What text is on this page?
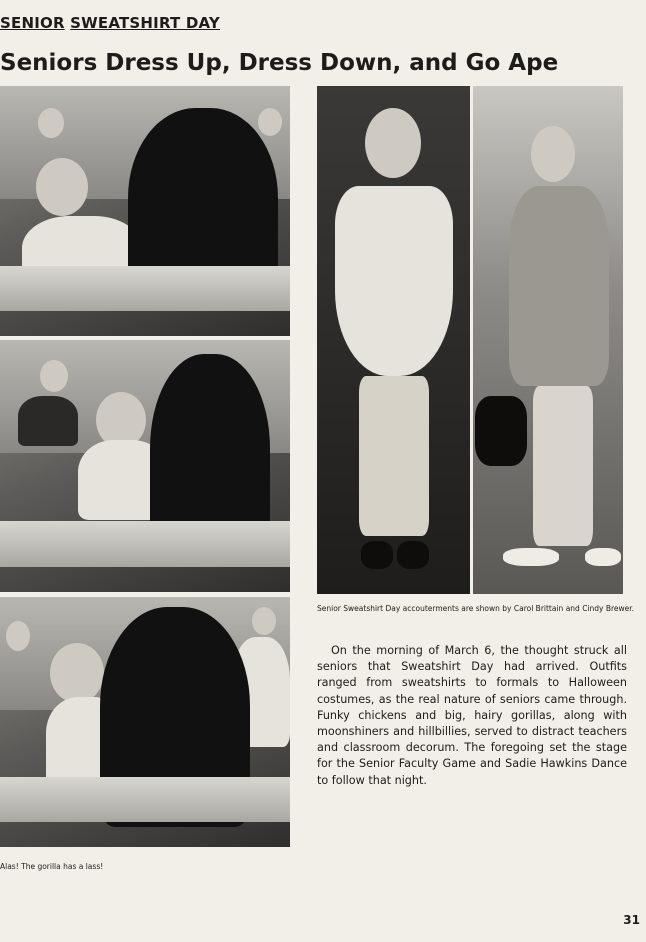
SENIOR SWEATSHIRT DAY
Seniors Dress Up, Dress Down, and Go Ape
Senior Sweatshirt Day accouterments are shown by Carol Brittain and Cindy Brewer.

On the morning of March 6, the thought struck all seniors that Sweatshirt Day had arrived. Outfits ranged from sweatshirts to formals to Halloween costumes, as the real nature of seniors came through. Funky chickens and big, hairy gorillas, along with moonshiners and hillbillies, served to distract teachers and classroom decorum. The foregoing set the stage for the Senior Faculty Game and Sadie Hawkins Dance to follow that night.

Alas! The gorilla has a lass!
31
